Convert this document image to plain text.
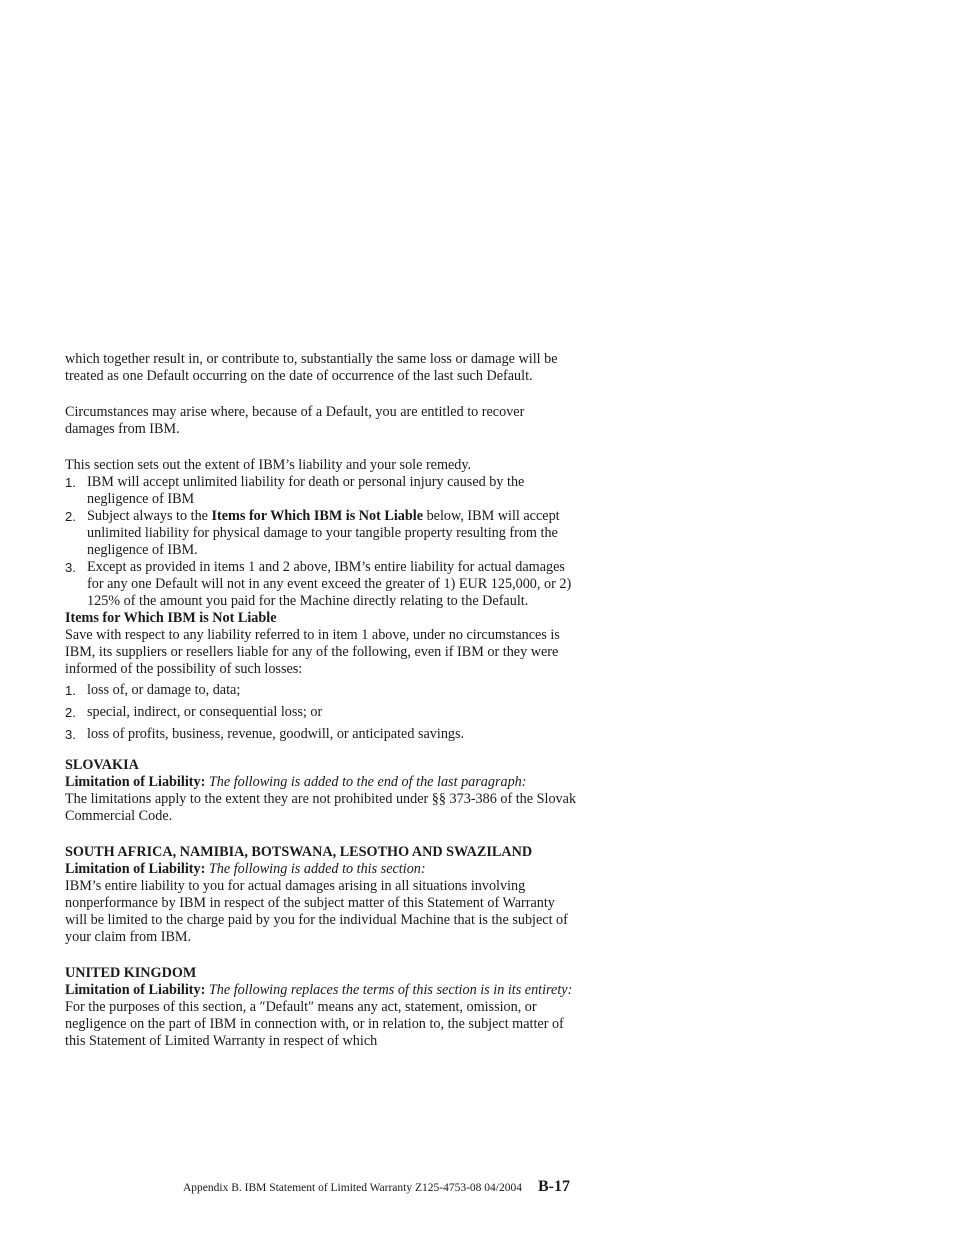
which together result in, or contribute to, substantially the same loss or damage will be treated as one Default occurring on the date of occurrence of the last such Default.

Circumstances may arise where, because of a Default, you are entitled to recover damages from IBM.

This section sets out the extent of IBM’s liability and your sole remedy.

1. IBM will accept unlimited liability for death or personal injury caused by the negligence of IBM
2. Subject always to the Items for Which IBM is Not Liable below, IBM will accept unlimited liability for physical damage to your tangible property resulting from the negligence of IBM.
3. Except as provided in items 1 and 2 above, IBM’s entire liability for actual damages for any one Default will not in any event exceed the greater of 1) EUR 125,000, or 2) 125% of the amount you paid for the Machine directly relating to the Default.

Items for Which IBM is Not Liable

Save with respect to any liability referred to in item 1 above, under no circumstances is IBM, its suppliers or resellers liable for any of the following, even if IBM or they were informed of the possibility of such losses:

1. loss of, or damage to, data;
2. special, indirect, or consequential loss; or
3. loss of profits, business, revenue, goodwill, or anticipated savings.

SLOVAKIA

Limitation of Liability: The following is added to the end of the last paragraph:

The limitations apply to the extent they are not prohibited under §§ 373-386 of the Slovak Commercial Code.

SOUTH AFRICA, NAMIBIA, BOTSWANA, LESOTHO AND SWAZILAND

Limitation of Liability: The following is added to this section:

IBM’s entire liability to you for actual damages arising in all situations involving nonperformance by IBM in respect of the subject matter of this Statement of Warranty will be limited to the charge paid by you for the individual Machine that is the subject of your claim from IBM.

UNITED KINGDOM

Limitation of Liability: The following replaces the terms of this section is in its entirety:

For the purposes of this section, a ″Default″ means any act, statement, omission, or negligence on the part of IBM in connection with, or in relation to, the subject matter of this Statement of Limited Warranty in respect of which

Appendix B. IBM Statement of Limited Warranty Z125-4753-08 04/2004 B-17
